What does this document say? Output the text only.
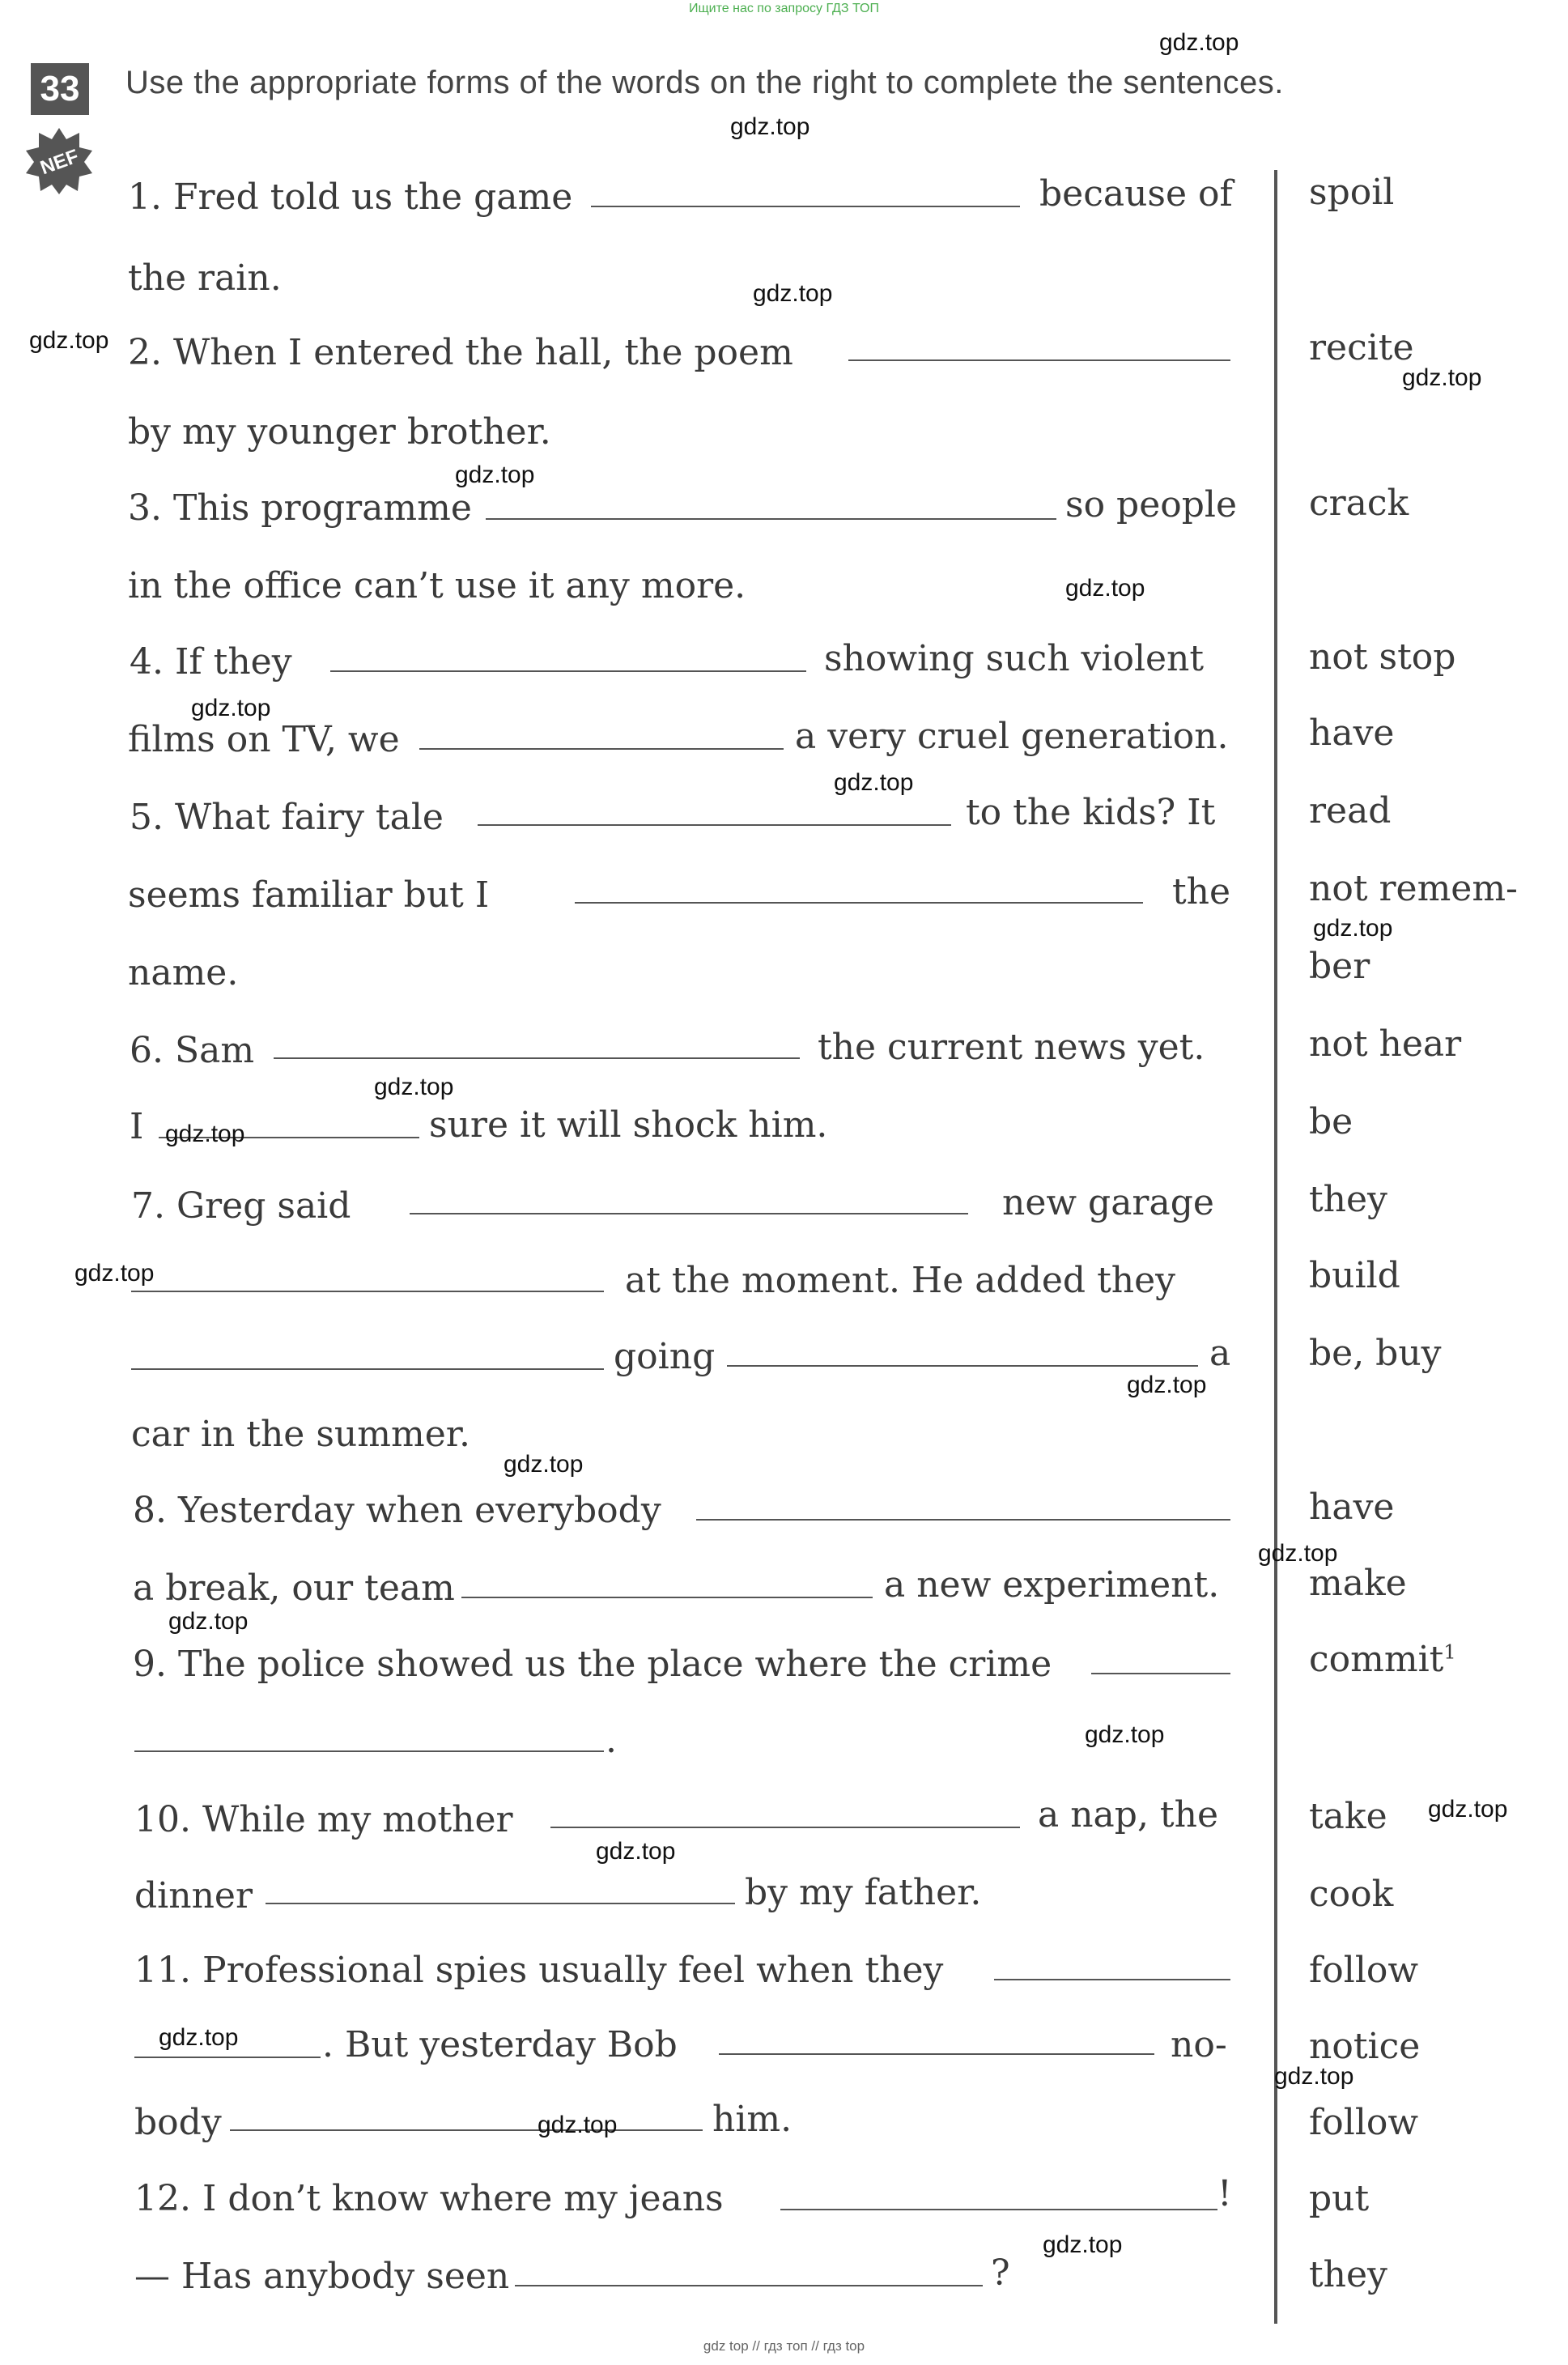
Ищите нас по запросу ГДЗ ТОП
33
NEF
Use the appropriate forms of the words on the right to complete the sentences.
1. Fred told us the game	because of
the rain.
2. When I entered the hall, the poem
by my younger brother.
3. This programme	so people
in the office can’t use it any more.
4. If they	showing such violent
films on TV, we	a very cruel generation.
5. What fairy tale	to the kids? It
seems familiar but I	the
name.
6. Sam	the current news yet.
I	sure it will shock him.
7. Greg said	new garage
at the moment. He added they
going	a
car in the summer.
8. Yesterday when everybody
a break, our team	a new experiment.
9. The police showed us the place where the crime
.
10. While my mother	a nap, the
dinner	by my father.
11. Professional spies usually feel when they
. But yesterday Bob	no-
body	him.
12. I don’t know where my jeans	!
— Has anybody seen	?
spoil
recite
crack
not stop
have
read
not remem-
ber
not hear
be
they
build
be, buy
have
make
commit$^1$
take
cook
follow
notice
follow
put
they
gdz.top
gdz.top
gdz.top
gdz.top
gdz.top
gdz.top
gdz.top
gdz.top
gdz.top
gdz.top
gdz.top
gdz.top
gdz.top
gdz.top
gdz.top
gdz.top
gdz.top
gdz.top
gdz.top
gdz.top
gdz.top
gdz.top
gdz.top
gdz.top
gdz top // гдз топ // гдз top
